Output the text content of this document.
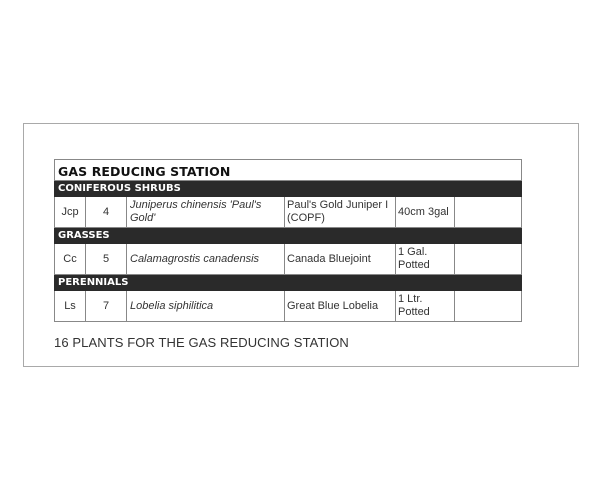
GAS REDUCING STATION					
CONIFEROUS SHRUBS					
Jcp	4	Juniperus chinensis 'Paul's Gold'	Paul's Gold Juniper I (COPF)	40cm 3gal	
GRASSES					
Cc	5	Calamagrostis canadensis	Canada Bluejoint	1 Gal. Potted	
PERENNIALS					
Ls	7	Lobelia siphilitica	Great Blue Lobelia	1 Ltr. Potted	
16 PLANTS FOR THE GAS REDUCING STATION
